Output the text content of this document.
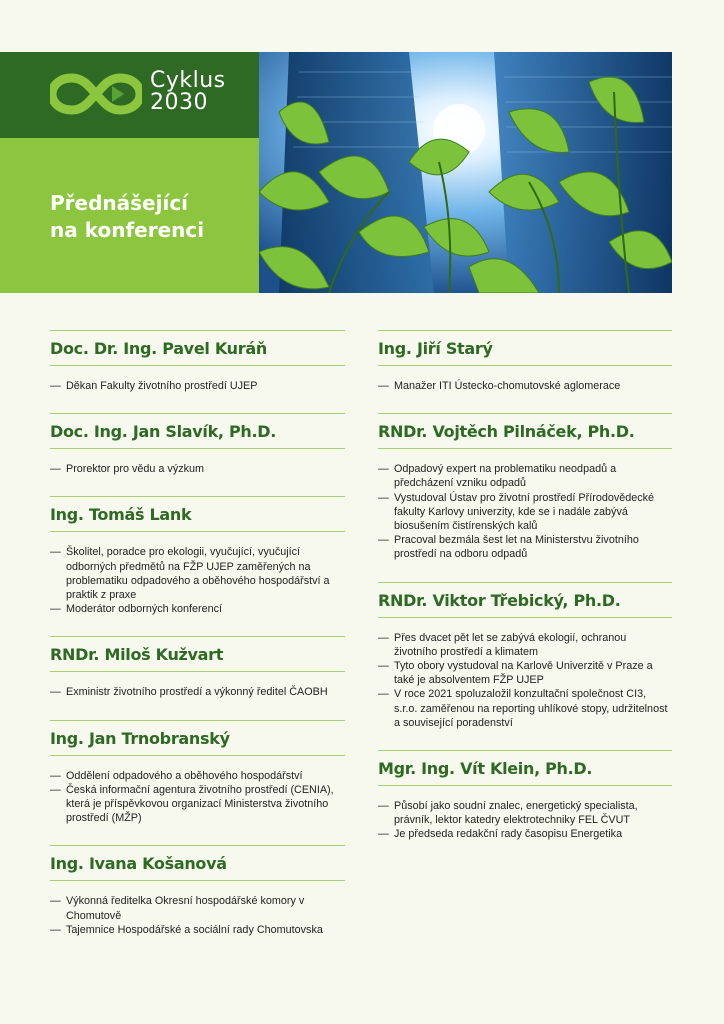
Cyklus
2030
Přednášející
na konferenci
Doc. Dr. Ing. Pavel Kuráň
— Děkan Fakulty životního prostředí UJEP
Doc. Ing. Jan Slavík, Ph.D.
— Prorektor pro vědu a výzkum
Ing. Tomáš Lank
— Školitel, poradce pro ekologii, vyučující, vyučující odborných předmětů na FŽP UJEP zaměřených na problematiku odpadového a oběhového hospodářství a praktik z praxe
— Moderátor odborných konferencí
RNDr. Miloš Kužvart
— Exministr životního prostředí a výkonný ředitel ČAOBH
Ing. Jan Trnobranský
— Oddělení odpadového a oběhového hospodářství
— Česká informační agentura životního prostředí (CENIA), která je příspěvkovou organizací Ministerstva životního prostředí (MŽP)
Ing. Ivana Košanová
— Výkonná ředitelka Okresní hospodářské komory v Chomutově
— Tajemnice Hospodářské a sociální rady Chomutovska
Ing. Jiří Starý
— Manažer ITI Ústecko-chomutovské aglomerace
RNDr. Vojtěch Pilnáček, Ph.D.
— Odpadový expert na problematiku neodpadů a předcházení vzniku odpadů
— Vystudoval Ústav pro životní prostředí Přírodovědecké fakulty Karlovy univerzity, kde se i nadále zabývá biosušením čistírenských kalů
— Pracoval bezmála šest let na Ministerstvu životního prostředí na odboru odpadů
RNDr. Viktor Třebický, Ph.D.
— Přes dvacet pět let se zabývá ekologií, ochranou životního prostředí a klimatem
— Tyto obory vystudoval na Karlově Univerzitě v Praze a také je absolventem FŽP UJEP
— V roce 2021 spoluzaložil konzultační společnost CI3, s.r.o. zaměřenou na reporting uhlíkové stopy, udržitelnost a související poradenství
Mgr. Ing. Vít Klein, Ph.D.
— Působí jako soudní znalec, energetický specialista, právník, lektor katedry elektrotechniky FEL ČVUT
— Je předseda redakční rady časopisu Energetika
